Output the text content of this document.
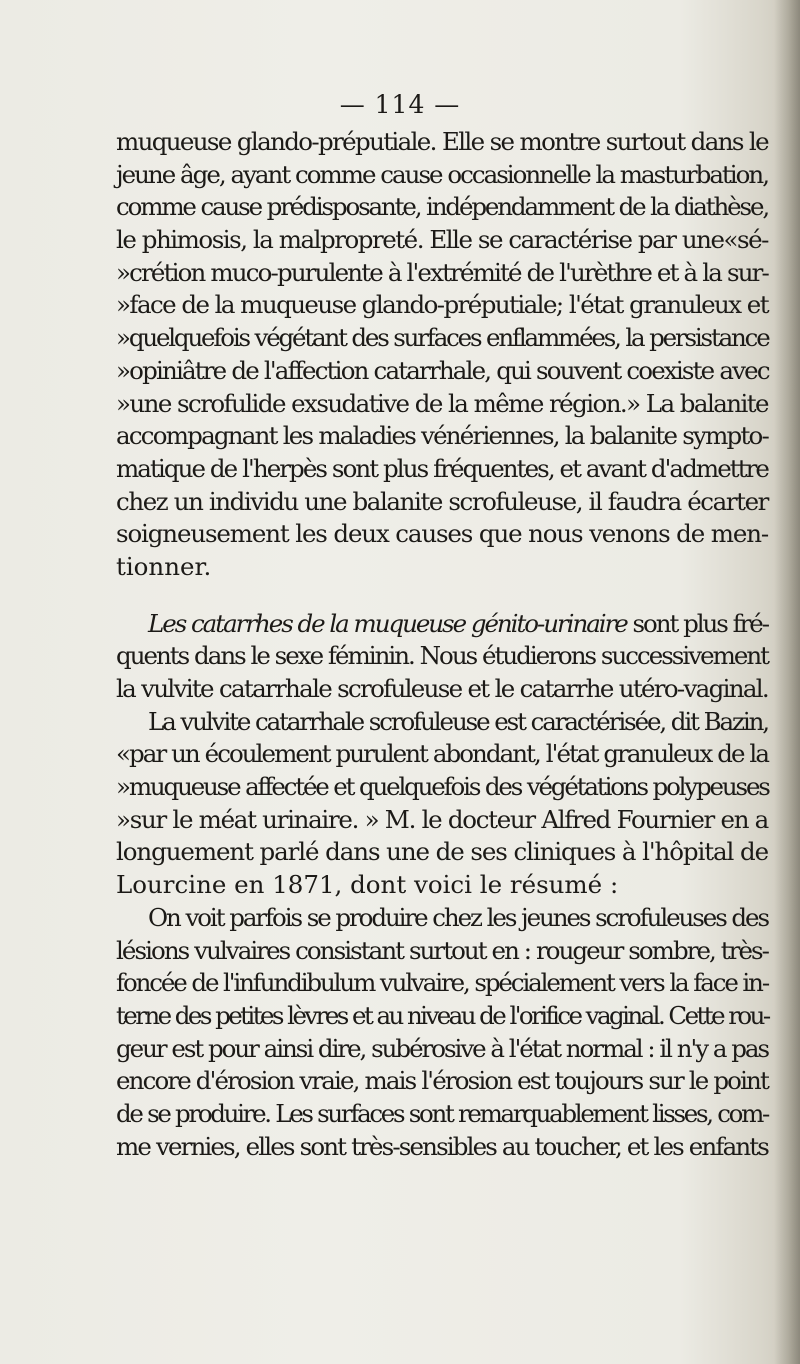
— 114 —
muqueuse glando-préputiale. Elle se montre surtout dans le
jeune âge, ayant comme cause occasionnelle la masturbation,
comme cause prédisposante, indépendamment de la diathèse,
le phimosis, la malpropreté. Elle se caractérise par une«sé-
»crétion muco-purulente à l'extrémité de l'urèthre et à la sur-
»face de la muqueuse glando-préputiale; l'état granuleux et
»quelquefois végétant des surfaces enflammées, la persistance
»opiniâtre de l'affection catarrhale, qui souvent coexiste avec
»une scrofulide exsudative de la même région.» La balanite
accompagnant les maladies vénériennes, la balanite sympto-
matique de l'herpès sont plus fréquentes, et avant d'admettre
chez un individu une balanite scrofuleuse, il faudra écarter
soigneusement les deux causes que nous venons de men-
tionner.
Les catarrhes de la muqueuse génito-urinaire sont plus fré-
quents dans le sexe féminin. Nous étudierons successivement
la vulvite catarrhale scrofuleuse et le catarrhe utéro-vaginal.
La vulvite catarrhale scrofuleuse est caractérisée, dit Bazin,
«par un écoulement purulent abondant, l'état granuleux de la
»muqueuse affectée et quelquefois des végétations polypeuses
»sur le méat urinaire. » M. le docteur Alfred Fournier en a
longuement parlé dans une de ses cliniques à l'hôpital de
Lourcine en 1871, dont voici le résumé :
On voit parfois se produire chez les jeunes scrofuleuses des
lésions vulvaires consistant surtout en : rougeur sombre, très-
foncée de l'infundibulum vulvaire, spécialement vers la face in-
terne des petites lèvres et au niveau de l'orifice vaginal. Cette rou-
geur est pour ainsi dire, subérosive à l'état normal : il n'y a pas
encore d'érosion vraie, mais l'érosion est toujours sur le point
de se produire. Les surfaces sont remarquablement lisses, com-
me vernies, elles sont très-sensibles au toucher, et les enfants
